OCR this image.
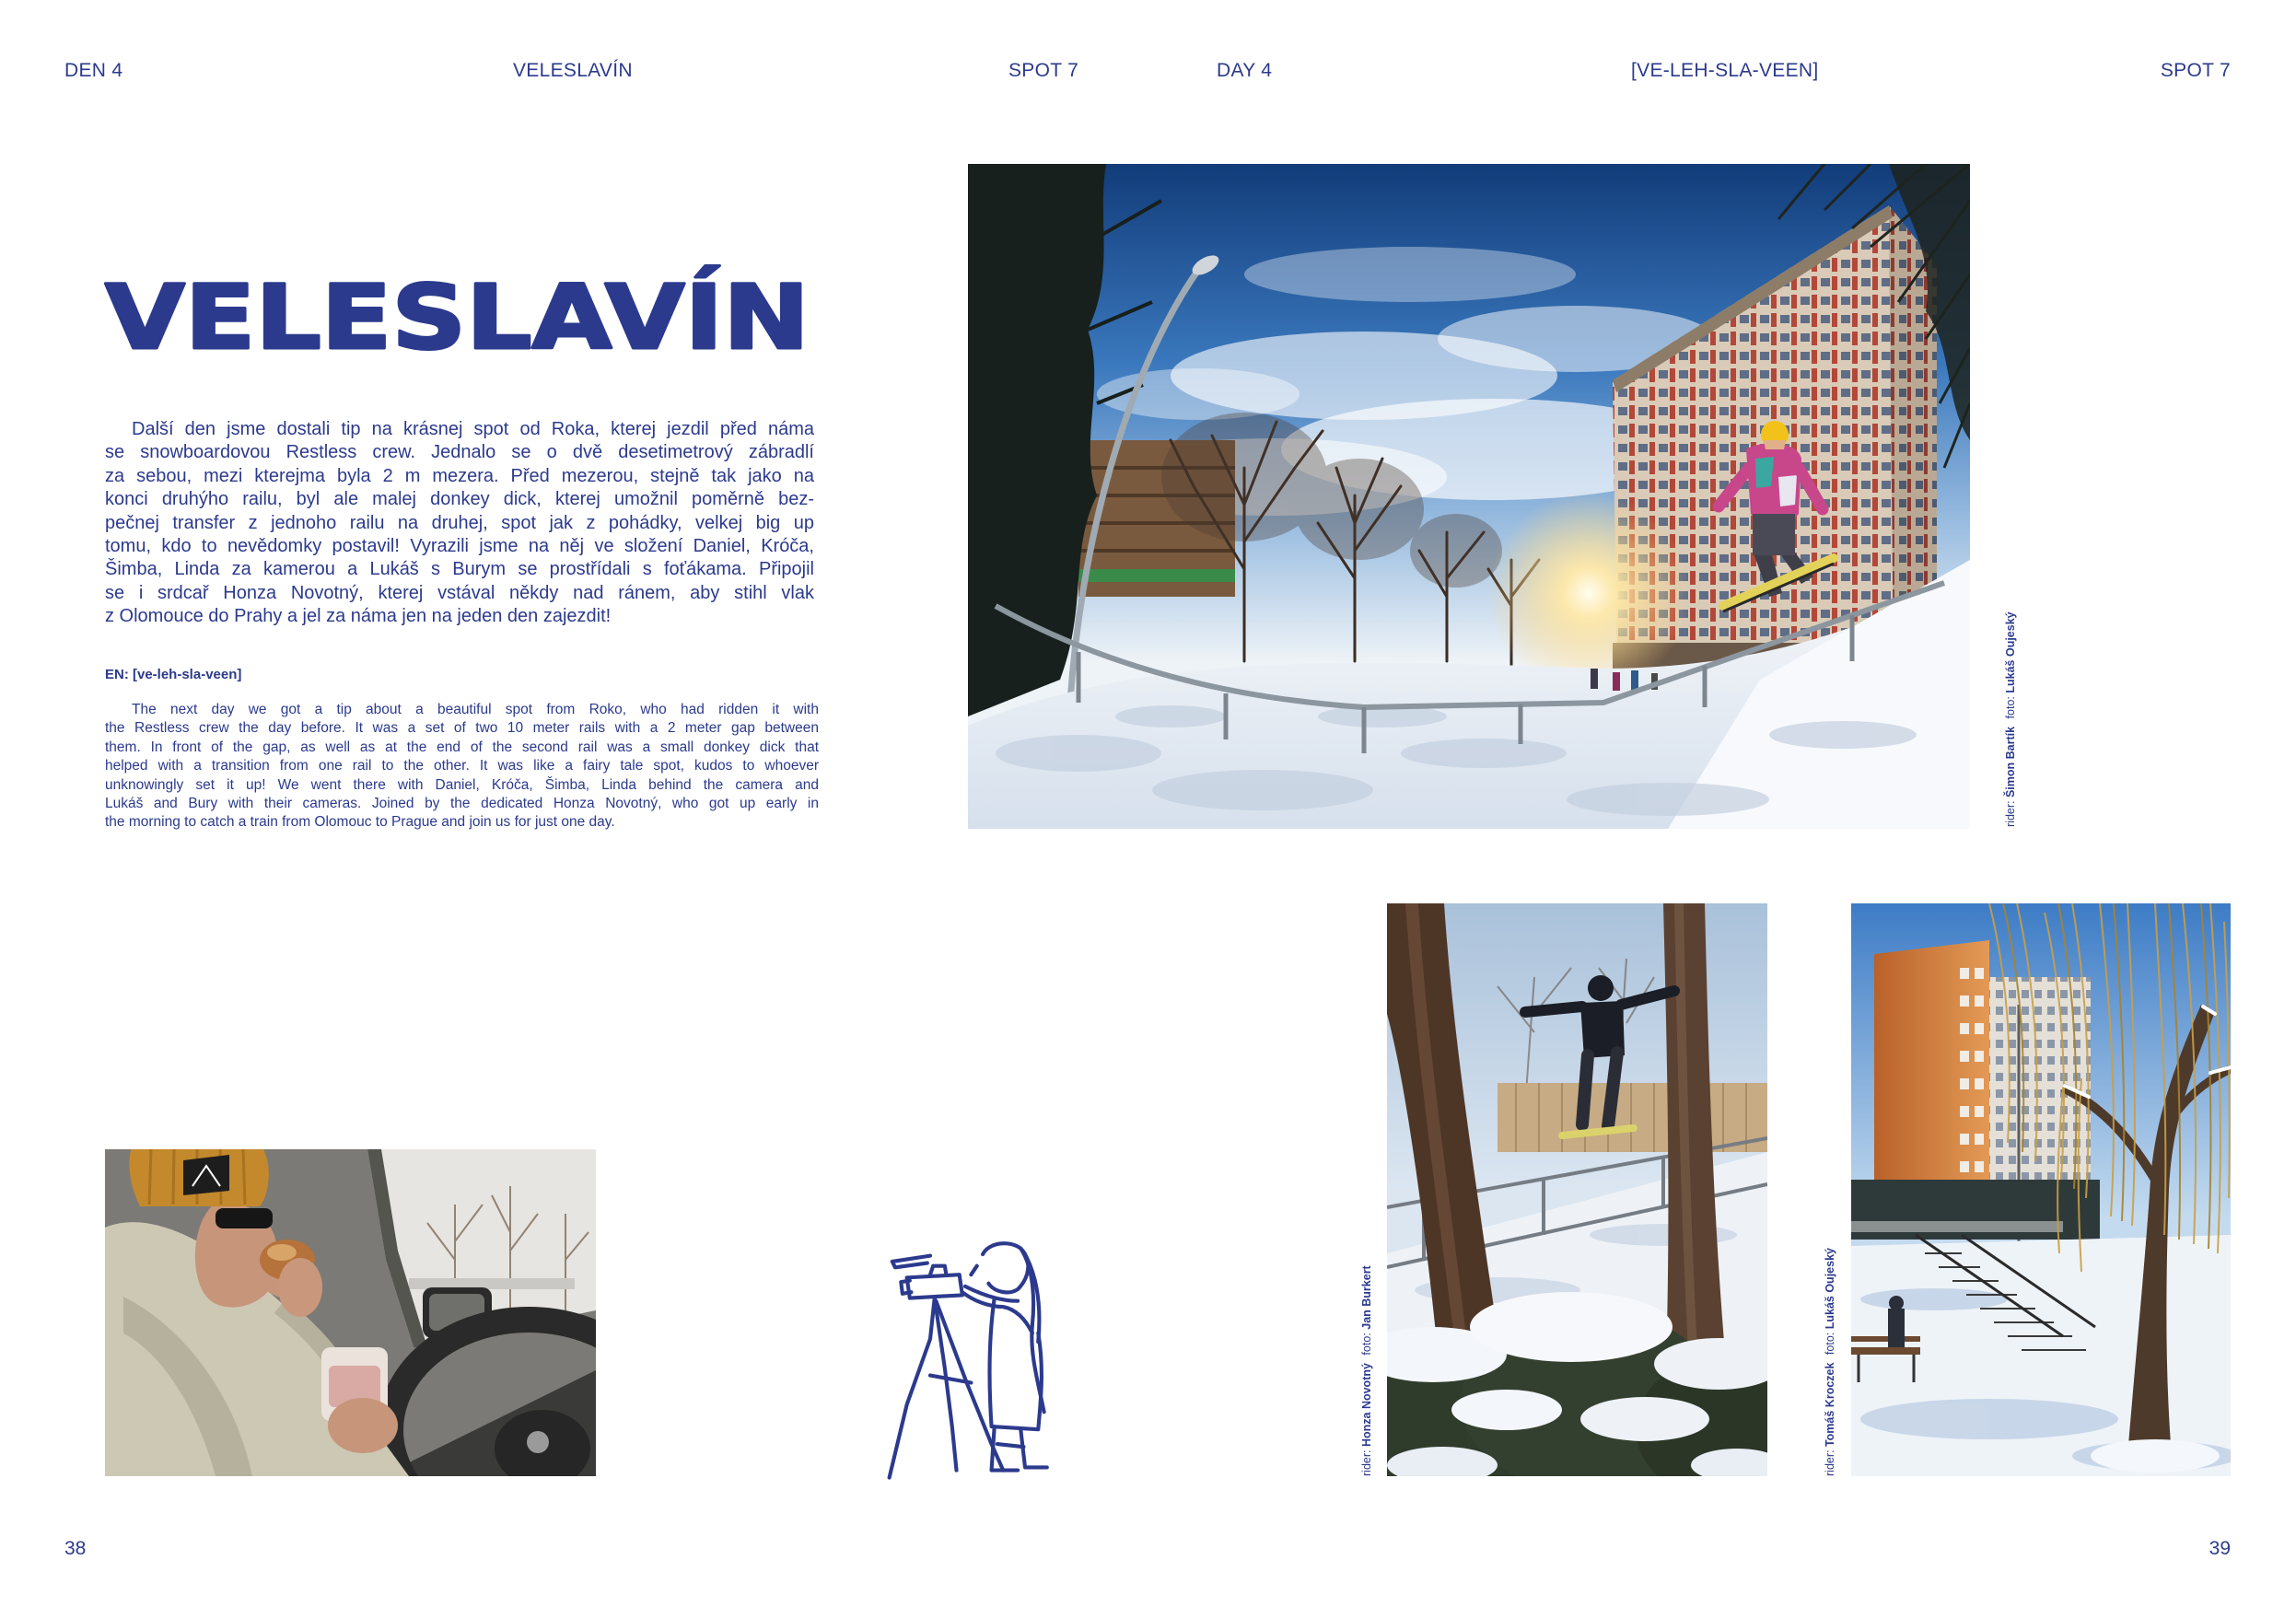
DEN 4	VELESLAVÍN	SPOT 7	DAY 4	[VE-LEH-SLA-VEEN]	SPOT 7
VELESLAVÍN
Další den jsme dostali tip na krásnej spot od Roka, kterej jezdil před náma
se snowboardovou Restless crew. Jednalo se o dvě desetimetrový zábradlí
za sebou, mezi kterejma byla 2 m mezera. Před mezerou, stejně tak jako na
konci druhýho railu, byl ale malej donkey dick, kterej umožnil poměrně bez-
pečnej transfer z jednoho railu na druhej, spot jak z pohádky, velkej big up
tomu, kdo to nevědomky postavil! Vyrazili jsme na něj ve složení Daniel, Króča,
Šimba, Linda za kamerou a Lukáš s Burym se prostřídali s foťákama. Připojil
se i srdcař Honza Novotný, kterej vstával někdy nad ránem, aby stihl vlak
z Olomouce do Prahy a jel za náma jen na jeden den zajezdit!
EN: [ve-leh-sla-veen]
The next day we got a tip about a beautiful spot from Roko, who had ridden it with
the Restless crew the day before. It was a set of two 10 meter rails with a 2 meter gap between
them. In front of the gap, as well as at the end of the second rail was a small donkey dick that
helped with a transition from one rail to the other. It was like a fairy tale spot, kudos to whoever
unknowingly set it up! We went there with Daniel, Króča, Šimba, Linda behind the camera and
Lukáš and Bury with their cameras. Joined by the dedicated Honza Novotný, who got up early in
the morning to catch a train from Olomouc to Prague and join us for just one day.	rider: Šimon Bartík foto: Lukáš Oujeský
rider: Honza Novotný foto: Jan Burkert
rider: Tomáš Kroczek foto: Lukáš Oujeský
38	39
